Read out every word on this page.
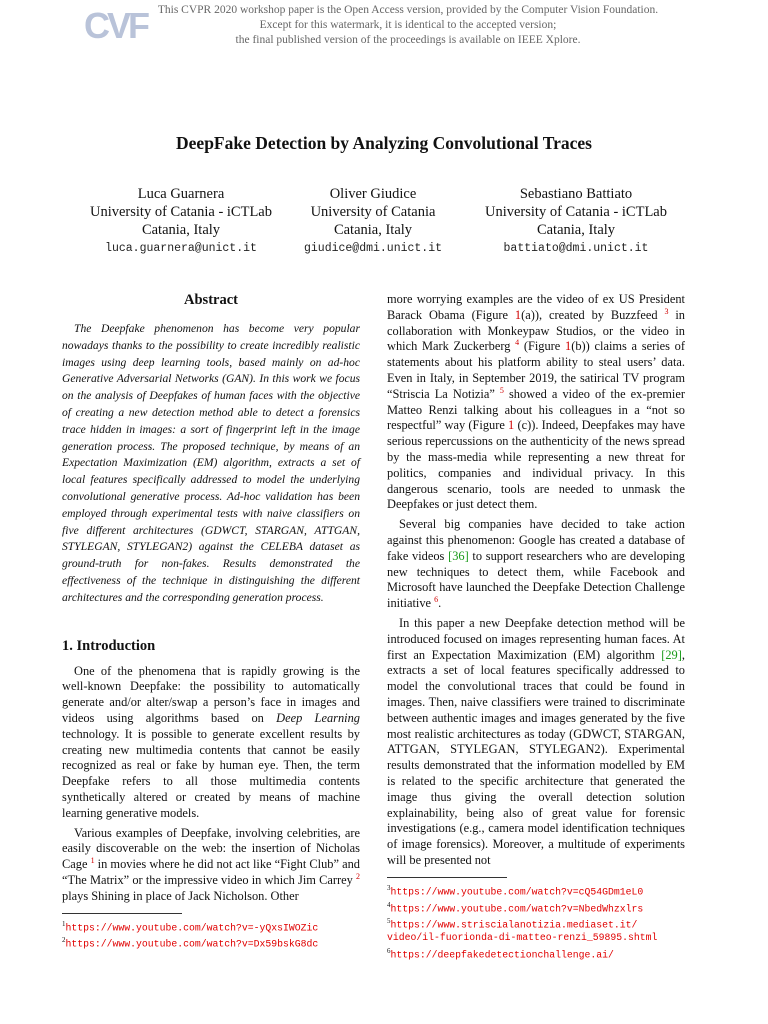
CVF This CVPR 2020 workshop paper is the Open Access version, provided by the Computer Vision Foundation.
Except for this watermark, it is identical to the accepted version;
the final published version of the proceedings is available on IEEE Xplore.
DeepFake Detection by Analyzing Convolutional Traces
Luca Guarnera
University of Catania - iCTLab
Catania, Italy
luca.guarnera@unict.it
Oliver Giudice
University of Catania
Catania, Italy
giudice@dmi.unict.it
Sebastiano Battiato
University of Catania - iCTLab
Catania, Italy
battiato@dmi.unict.it
Abstract

The Deepfake phenomenon has become very popular nowadays thanks to the possibility to create incredibly realistic images using deep learning tools, based mainly on ad-hoc Generative Adversarial Networks (GAN). In this work we focus on the analysis of Deepfakes of human faces with the objective of creating a new detection method able to detect a forensics trace hidden in images: a sort of fingerprint left in the image generation process. The proposed technique, by means of an Expectation Maximization (EM) algorithm, extracts a set of local features specifically addressed to model the underlying convolutional generative process. Ad-hoc validation has been employed through experimental tests with naive classifiers on five different architectures (GDWCT, STARGAN, ATTGAN, STYLEGAN, STYLEGAN2) against the CELEBA dataset as ground-truth for non-fakes. Results demonstrated the effectiveness of the technique in distinguishing the different architectures and the corresponding generation process.

1. Introduction

One of the phenomena that is rapidly growing is the well-known Deepfake: the possibility to automatically generate and/or alter/swap a person’s face in images and videos using algorithms based on Deep Learning technology. It is possible to generate excellent results by creating new multimedia contents that cannot be easily recognized as real or fake by human eye. Then, the term Deepfake refers to all those multimedia contents synthetically altered or created by means of machine learning generative models.

Various examples of Deepfake, involving celebrities, are easily discoverable on the web: the insertion of Nicholas Cage $^1$ in movies where he did not act like “Fight Club” and “The Matrix” or the impressive video in which Jim Carrey $^2$ plays Shining in place of Jack Nicholson. Other

$^1$https://www.youtube.com/watch?v=-yQxsIWOZic
$^2$https://www.youtube.com/watch?v=Dx59bskG8dc

more worrying examples are the video of ex US President Barack Obama (Figure 1(a)), created by Buzzfeed $^3$ in collaboration with Monkeypaw Studios, or the video in which Mark Zuckerberg $^4$ (Figure 1(b)) claims a series of statements about his platform ability to steal users’ data. Even in Italy, in September 2019, the satirical TV program “Striscia La Notizia” $^5$ showed a video of the ex-premier Matteo Renzi talking about his colleagues in a “not so respectful” way (Figure 1 (c)). Indeed, Deepfakes may have serious repercussions on the authenticity of the news spread by the mass-media while representing a new threat for politics, companies and individual privacy. In this dangerous scenario, tools are needed to unmask the Deepfakes or just detect them.

Several big companies have decided to take action against this phenomenon: Google has created a database of fake videos [36] to support researchers who are developing new techniques to detect them, while Facebook and Microsoft have launched the Deepfake Detection Challenge initiative $^6$.

In this paper a new Deepfake detection method will be introduced focused on images representing human faces. At first an Expectation Maximization (EM) algorithm [29], extracts a set of local features specifically addressed to model the convolutional traces that could be found in images. Then, naive classifiers were trained to discriminate between authentic images and images generated by the five most realistic architectures as today (GDWCT, STARGAN, ATTGAN, STYLEGAN, STYLEGAN2). Experimental results demonstrated that the information modelled by EM is related to the specific architecture that generated the image thus giving the overall detection solution explainability, being also of great value for forensic investigations (e.g., camera model identification techniques of image forensics). Moreover, a multitude of experiments will be presented not

$^3$https://www.youtube.com/watch?v=cQ54GDm1eL0
$^4$https://www.youtube.com/watch?v=NbedWhzxlrs
$^5$https://www.striscialanotizia.mediaset.it/
video/il-fuorionda-di-matteo-renzi_59895.shtml
$^6$https://deepfakedetectionchallenge.ai/
